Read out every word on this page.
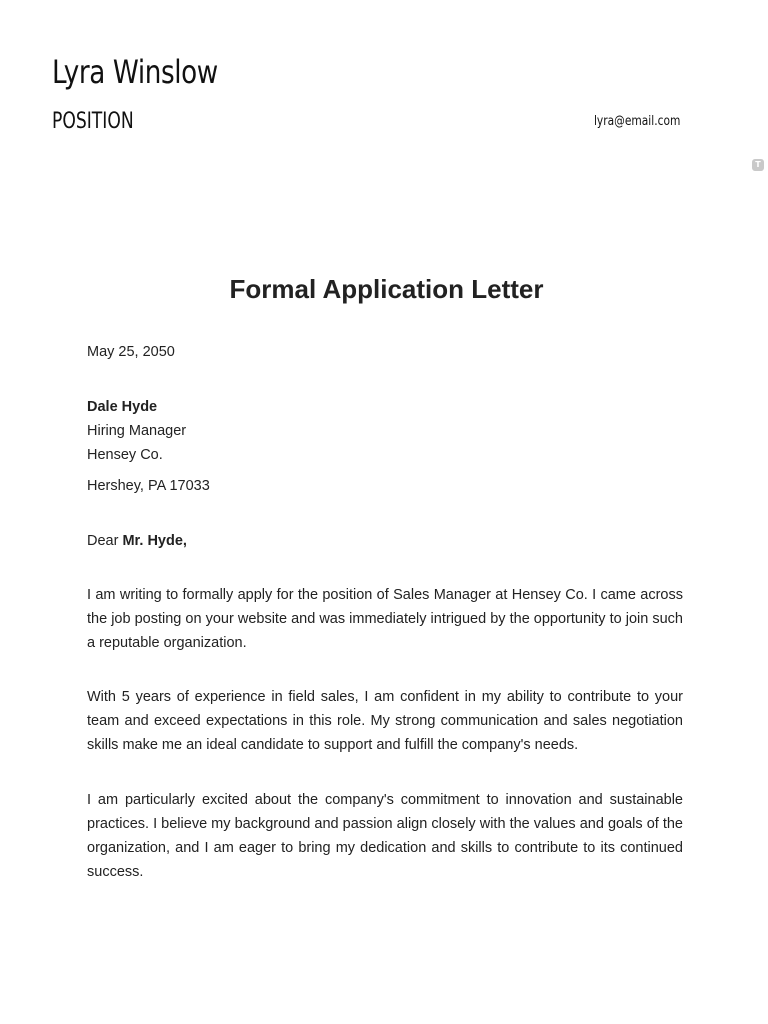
Lyra Winslow
POSITION	lyra@email.com
T
Formal Application Letter

May 25, 2050

Dale Hyde

Hiring Manager

Hensey Co.

Hershey, PA 17033

Dear Mr. Hyde,

I am writing to formally apply for the position of Sales Manager at Hensey Co. I came across the job posting on your website and was immediately intrigued by the opportunity to join such a reputable organization.

With 5 years of experience in field sales, I am confident in my ability to contribute to your team and exceed expectations in this role. My strong communication and sales negotiation skills make me an ideal candidate to support and fulfill the company's needs.

I am particularly excited about the company's commitment to innovation and sustainable practices. I believe my background and passion align closely with the values and goals of the organization, and I am eager to bring my dedication and skills to contribute to its continued success.
